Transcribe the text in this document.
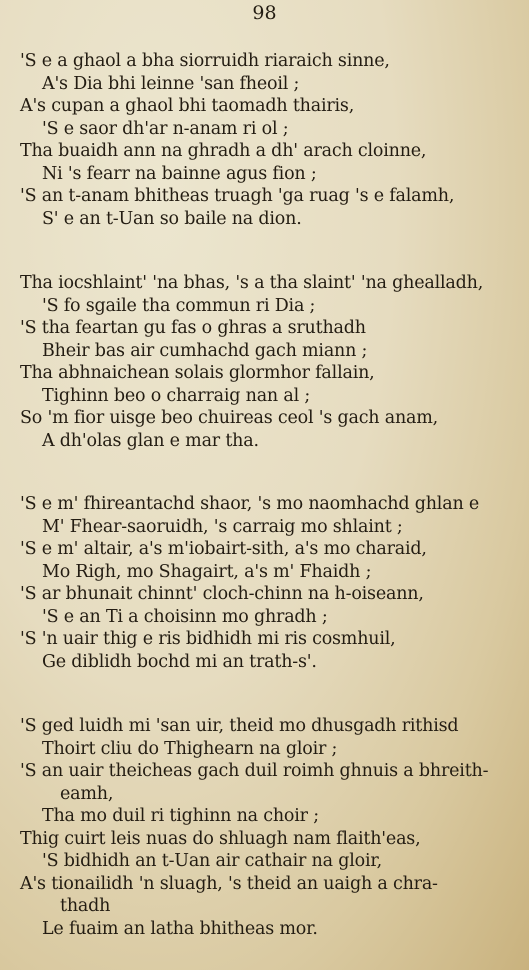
98
'S e a ghaol a bha siorruidh riaraich sinne,
A's Dia bhi leinne 'san fheoil ;
A's cupan a ghaol bhi taomadh thairis,
'S e saor dh'ar n-anam ri ol ;
Tha buaidh ann na ghradh a dh' arach cloinne,
Ni 's fearr na bainne agus fion ;
'S an t-anam bhitheas truagh 'ga ruag 's e falamh,
S' e an t-Uan so baile na dion.
Tha iocshlaint' 'na bhas, 's a tha slaint' 'na ghealladh,
'S fo sgaile tha commun ri Dia ;
'S tha feartan gu fas o ghras a sruthadh
Bheir bas air cumhachd gach miann ;
Tha abhnaichean solais glormhor fallain,
Tighinn beo o charraig nan al ;
So 'm fior uisge beo chuireas ceol 's gach anam,
A dh'olas glan e mar tha.
'S e m' fhireantachd shaor, 's mo naomhachd ghlan e
M' Fhear-saoruidh, 's carraig mo shlaint ;
'S e m' altair, a's m'iobairt-sith, a's mo charaid,
Mo Righ, mo Shagairt, a's m' Fhaidh ;
'S ar bhunait chinnt' cloch-chinn na h-oiseann,
'S e an Ti a choisinn mo ghradh ;
'S 'n uair thig e ris bidhidh mi ris cosmhuil,
Ge diblidh bochd mi an trath-s'.
'S ged luidh mi 'san uir, theid mo dhusgadh rithisd
Thoirt cliu do Thighearn na gloir ;
'S an uair theicheas gach duil roimh ghnuis a bhreith-
eamh,
Tha mo duil ri tighinn na choir ;
Thig cuirt leis nuas do shluagh nam flaith'eas,
'S bidhidh an t-Uan air cathair na gloir,
A's tionailidh 'n sluagh, 's theid an uaigh a chra-
thadh
Le fuaim an latha bhitheas mor.
